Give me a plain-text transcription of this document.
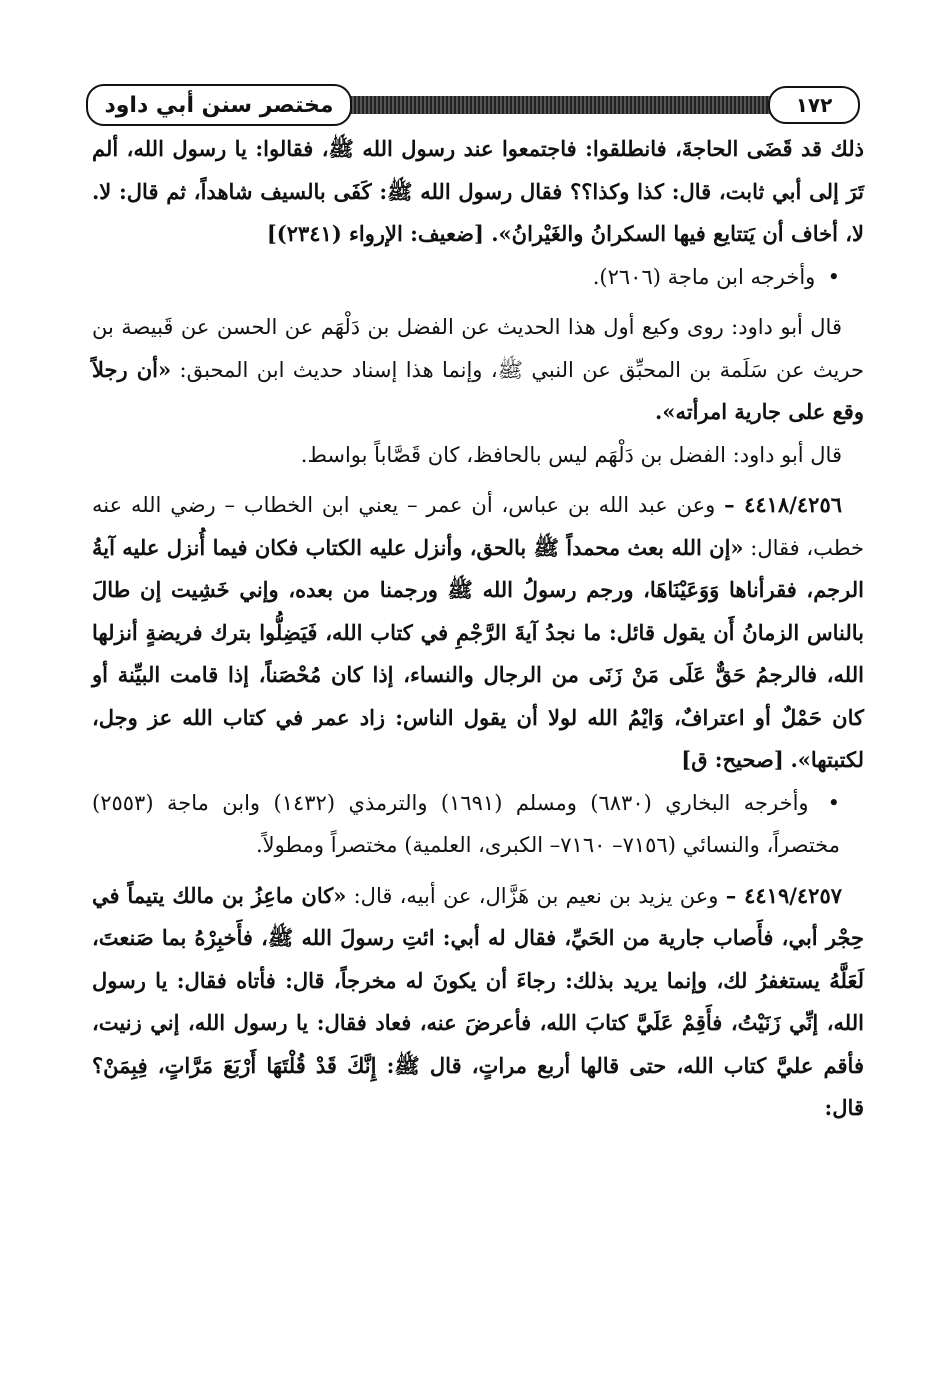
مختصر سنن أبي داود	١٧٢

ذلك قد قَضَى الحاجةَ، فانطلقوا: فاجتمعوا عند رسول الله ﷺ، فقالوا: يا رسول الله، ألم تَرَ إلى أبي ثابت، قال: كذا وكذا؟؟ فقال رسول الله ﷺ: كَفَى بالسيف شاهداً، ثم قال: لا. لا، أخاف أن يَتتايع فيها السكرانُ والغَيْرانُ». [ضعيف: الإرواء (٢٣٤١)]

• وأخرجه ابن ماجة (٢٦٠٦).

قال أبو داود: روى وكيع أول هذا الحديث عن الفضل بن دَلْهَم عن الحسن عن قَبيصة بن حريث عن سَلَمة بن المحبِّق عن النبي ﷺ، وإنما هذا إسناد حديث ابن المحبق: «أن رجلاً وقع على جارية امرأته».

قال أبو داود: الفضل بن دَلْهَم ليس بالحافظ، كان قَصَّاباً بواسط.

٤٤١٨/٤٢٥٦ – وعن عبد الله بن عباس، أن عمر – يعني ابن الخطاب – رضي الله عنه خطب، فقال: «إن الله بعث محمداً ﷺ بالحق، وأنزل عليه الكتاب فكان فيما أُنزل عليه آيةُ الرجم، فقرأناها وَوَعَيْنَاهَا، ورجم رسولُ الله ﷺ ورجمنا من بعده، وإني خَشِيت إن طالَ بالناس الزمانُ أَن يقول قائل: ما نجدُ آيةَ الرَّجْمِ في كتاب الله، فَيَضِلُّوا بترك فريضةٍ أنزلها الله، فالرجمُ حَقٌّ عَلَى مَنْ زَنَى من الرجال والنساء، إذا كان مُحْصَناً، إذا قامت البيِّنة أو كان حَمْلٌ أو اعترافٌ، وَايْمُ الله لولا أن يقول الناس: زاد عمر في كتاب الله عز وجل، لكتبتها». [صحيح: ق]

• وأخرجه البخاري (٦٨٣٠) ومسلم (١٦٩١) والترمذي (١٤٣٢) وابن ماجة (٢٥٥٣) مختصراً، والنسائي (٧١٥٦– ٧١٦٠– الكبرى، العلمية) مختصراً ومطولاً.

٤٤١٩/٤٢٥٧ – وعن يزيد بن نعيم بن هَزَّال، عن أبيه، قال: «كان ماعِزُ بن مالك يتيماً في حِجْر أبي، فأَصاب جارية من الحَيِّ، فقال له أبي: ائتِ رسولَ الله ﷺ، فأَخبِرْهُ بما صَنعتَ، لَعَلَّهُ يستغفرُ لك، وإنما يريد بذلك: رجاءَ أن يكونَ له مخرجاً، قال: فأتاه فقال: يا رسول الله، إنِّي زَنَيْتُ، فأَقِمْ عَلَيَّ كتابَ الله، فأعرضَ عنه، فعاد فقال: يا رسول الله، إني زنيت، فأقم عليَّ كتاب الله، حتى قالها أربع مراتٍ، قال ﷺ: إِنَّكَ قَدْ قُلْتَهَا أَرْبَعَ مَرَّاتٍ، فِبِمَنْ؟ قال:
